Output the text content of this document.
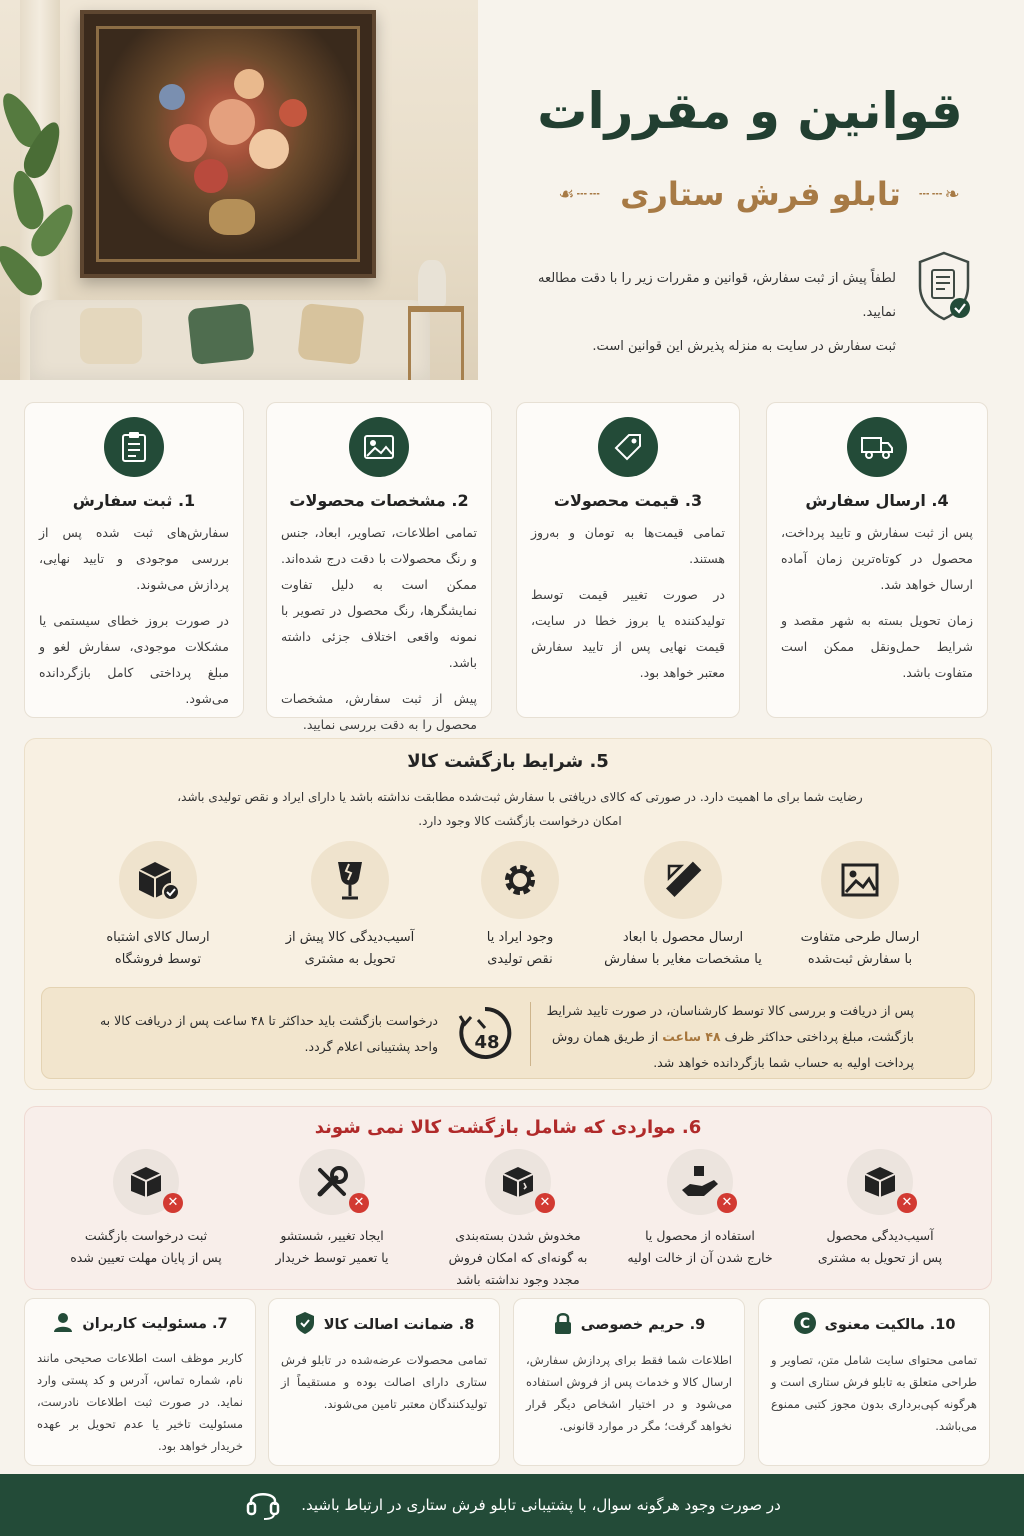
قوانین و مقررات
❧┄┄
تابلو فرش ستاری
┄┄☙
لطفاً پیش از ثبت سفارش، قوانین و مقررات زیر را با دقت مطالعه نمایید.
ثبت سفارش در سایت به منزله پذیرش این قوانین است.
1. ثبت سفارش

سفارش‌های ثبت شده پس از بررسی موجودی و تایید نهایی، پردازش می‌شوند.

در صورت بروز خطای سیستمی یا مشکلات موجودی، سفارش لغو و مبلغ پرداختی کامل بازگردانده می‌شود.

2. مشخصات محصولات

تمامی اطلاعات، تصاویر، ابعاد، جنس و رنگ محصولات با دقت درج شده‌اند. ممکن است به دلیل تفاوت نمایشگرها، رنگ محصول در تصویر با نمونه واقعی اختلاف جزئی داشته باشد.

پیش از ثبت سفارش، مشخصات محصول را به دقت بررسی نمایید.

3. قیمت محصولات

تمامی قیمت‌ها به تومان و به‌روز هستند.

در صورت تغییر قیمت توسط تولیدکننده یا بروز خطا در سایت، قیمت نهایی پس از تایید سفارش معتبر خواهد بود.

4. ارسال سفارش

پس از ثبت سفارش و تایید پرداخت، محصول در کوتاه‌ترین زمان آماده ارسال خواهد شد.

زمان تحویل بسته به شهر مقصد و شرایط حمل‌ونقل ممکن است متفاوت باشد.

5. شرایط بازگشت کالا
رضایت شما برای ما اهمیت دارد. در صورتی که کالای دریافتی با سفارش ثبت‌شده مطابقت نداشته باشد یا دارای ایراد و نقص تولیدی باشد، امکان درخواست بازگشت کالا وجود دارد.
ارسال طرحی متفاوت
با سفارش ثبت‌شده
ارسال محصول با ابعاد
یا مشخصات مغایر با سفارش
وجود ایراد یا
نقص تولیدی
آسیب‌دیدگی کالا پیش از
تحویل به مشتری
ارسال کالای اشتباه
توسط فروشگاه
پس از دریافت و بررسی کالا توسط کارشناسان، در صورت تایید شرایط بازگشت، مبلغ پرداختی حداکثر ظرف ۴۸ ساعت از طریق همان روش پرداخت اولیه به حساب شما بازگردانده خواهد شد.
48
درخواست بازگشت باید حداکثر تا ۴۸ ساعت پس از دریافت کالا به واحد پشتیبانی اعلام گردد.
6. مواردی که شامل بازگشت کالا نمی شوند
✕
آسیب‌دیدگی محصول
پس از تحویل به مشتری
✕
استفاده از محصول یا
خارج شدن آن از خالت اولیه
✕
مخدوش شدن بسته‌بندی
به گونه‌ای که امکان فروش
مجدد وجود نداشته باشد
✕
ایجاد تغییر، شستشو
یا تعمیر توسط خریدار
✕
ثبت درخواست بازگشت
پس از پایان مهلت تعیین شده
7. مسئولیت کاربران
کاربر موظف است اطلاعات صحیحی مانند نام، شماره تماس، آدرس و کد پستی وارد نماید. در صورت ثبت اطلاعات نادرست، مسئولیت تاخیر یا عدم تحویل بر عهده خریدار خواهد بود.
8. ضمانت اصالت کالا
تمامی محصولات عرضه‌شده در تابلو فرش ستاری دارای اصالت بوده و مستقیماً از تولیدکنندگان معتبر تامین می‌شوند.
9. حریم خصوصی
اطلاعات شما فقط برای پردازش سفارش، ارسال کالا و خدمات پس از فروش استفاده می‌شود و در اختیار اشخاص دیگر قرار نخواهد گرفت؛ مگر در موارد قانونی.
10. مالکیت معنوی
C
تمامی محتوای سایت شامل متن، تصاویر و طراحی متعلق به تابلو فرش ستاری است و هرگونه کپی‌برداری بدون مجوز کتبی ممنوع می‌باشد.
در صورت وجود هرگونه سوال، با پشتیبانی تابلو فرش ستاری در ارتباط باشید.
